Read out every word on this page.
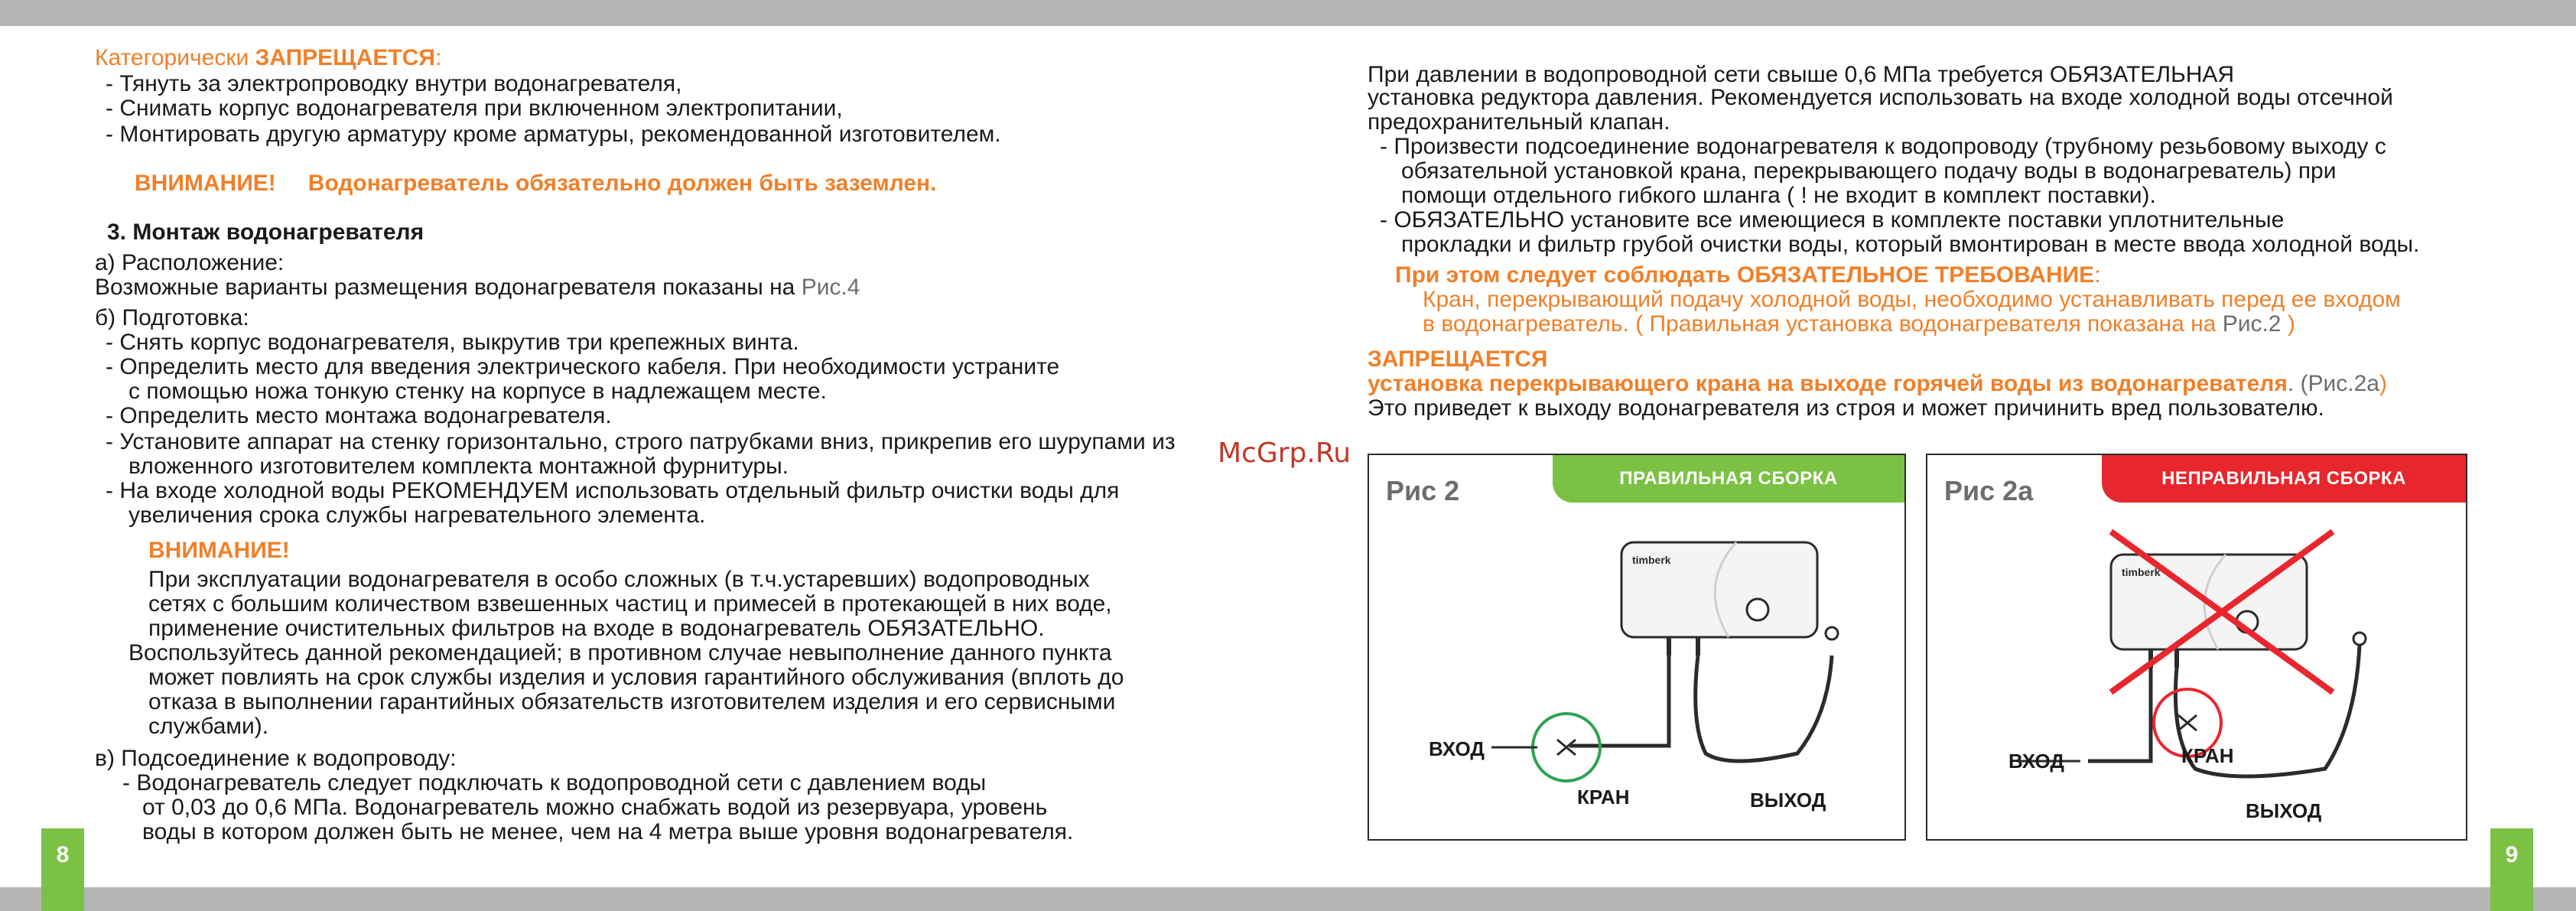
Категорически ЗАПРЕЩАЕТСЯ:
- Тянуть за электропроводку внутри водонагревателя,
- Снимать корпус водонагревателя при включенном электропитании,
- Монтировать другую арматуру кроме арматуры, рекомендованной изготовителем.
ВНИМАНИЕ! Водонагреватель обязательно должен быть заземлен.
3. Монтаж водонагревателя
а) Расположение:
Возможные варианты размещения водонагревателя показаны на Рис.4
б) Подготовка:
- Снять корпус водонагревателя, выкрутив три крепежных винта.
- Определить место для введения электрического кабеля. При необходимости устраните
с помощью ножа тонкую стенку на корпусе в надлежащем месте.
- Определить место монтажа водонагревателя.
- Установите аппарат на стенку горизонтально, строго патрубками вниз, прикрепив его шурупами из
вложенного изготовителем комплекта монтажной фурнитуры.
- На входе холодной воды РЕКОМЕНДУЕМ использовать отдельный фильтр очистки воды для
увеличения срока службы нагревательного элемента.
ВНИМАНИЕ!
При эксплуатации водонагревателя в особо сложных (в т.ч.устаревших) водопроводных
сетях с большим количеством взвешенных частиц и примесей в протекающей в них воде,
применение очистительных фильтров на входе в водонагреватель ОБЯЗАТЕЛЬНО.
Воспользуйтесь данной рекомендацией; в противном случае невыполнение данного пункта
может повлиять на срок службы изделия и условия гарантийного обслуживания (вплоть до
отказа в выполнении гарантийных обязательств изготовителем изделия и его сервисными
службами).
в) Подсоединение к водопроводу:
- Водонагреватель следует подключать к водопроводной сети с давлением воды
от 0,03 до 0,6 МПа. Водонагреватель можно снабжать водой из резервуара, уровень
воды в котором должен быть не менее, чем на 4 метра выше уровня водонагревателя.
8
McGrp.Ru
При давлении в водопроводной сети свыше 0,6 МПа требуется ОБЯЗАТЕЛЬНАЯ
установка редуктора давления. Рекомендуется использовать на входе холодной воды отсечной
предохранительный клапан.
- Произвести подсоединение водонагревателя к водопроводу (трубному резьбовому выходу с
обязательной установкой крана, перекрывающего подачу воды в водонагреватель) при
помощи отдельного гибкого шланга ( ! не входит в комплект поставки).
- ОБЯЗАТЕЛЬНО установите все имеющиеся в комплекте поставки уплотнительные
прокладки и фильтр грубой очистки воды, который вмонтирован в месте ввода холодной воды.
При этом следует соблюдать ОБЯЗАТЕЛЬНОЕ ТРЕБОВАНИЕ:
Кран, перекрывающий подачу холодной воды, необходимо устанавливать перед ее входом
в водонагреватель. ( Правильная установка водонагревателя показана на Рис.2 )
ЗАПРЕЩАЕТСЯ
установка перекрывающего крана на выходе горячей воды из водонагревателя. (Рис.2а)
Это приведет к выходу водонагревателя из строя и может причинить вред пользователю.
Рис 2	ПРАВИЛЬНАЯ СБОРКА
timberk
ВХОД
КРАН	ВЫХОД
Рис 2а	НЕПРАВИЛЬНАЯ СБОРКА
timberk
ВХОД	КРАН
ВЫХОД
9
